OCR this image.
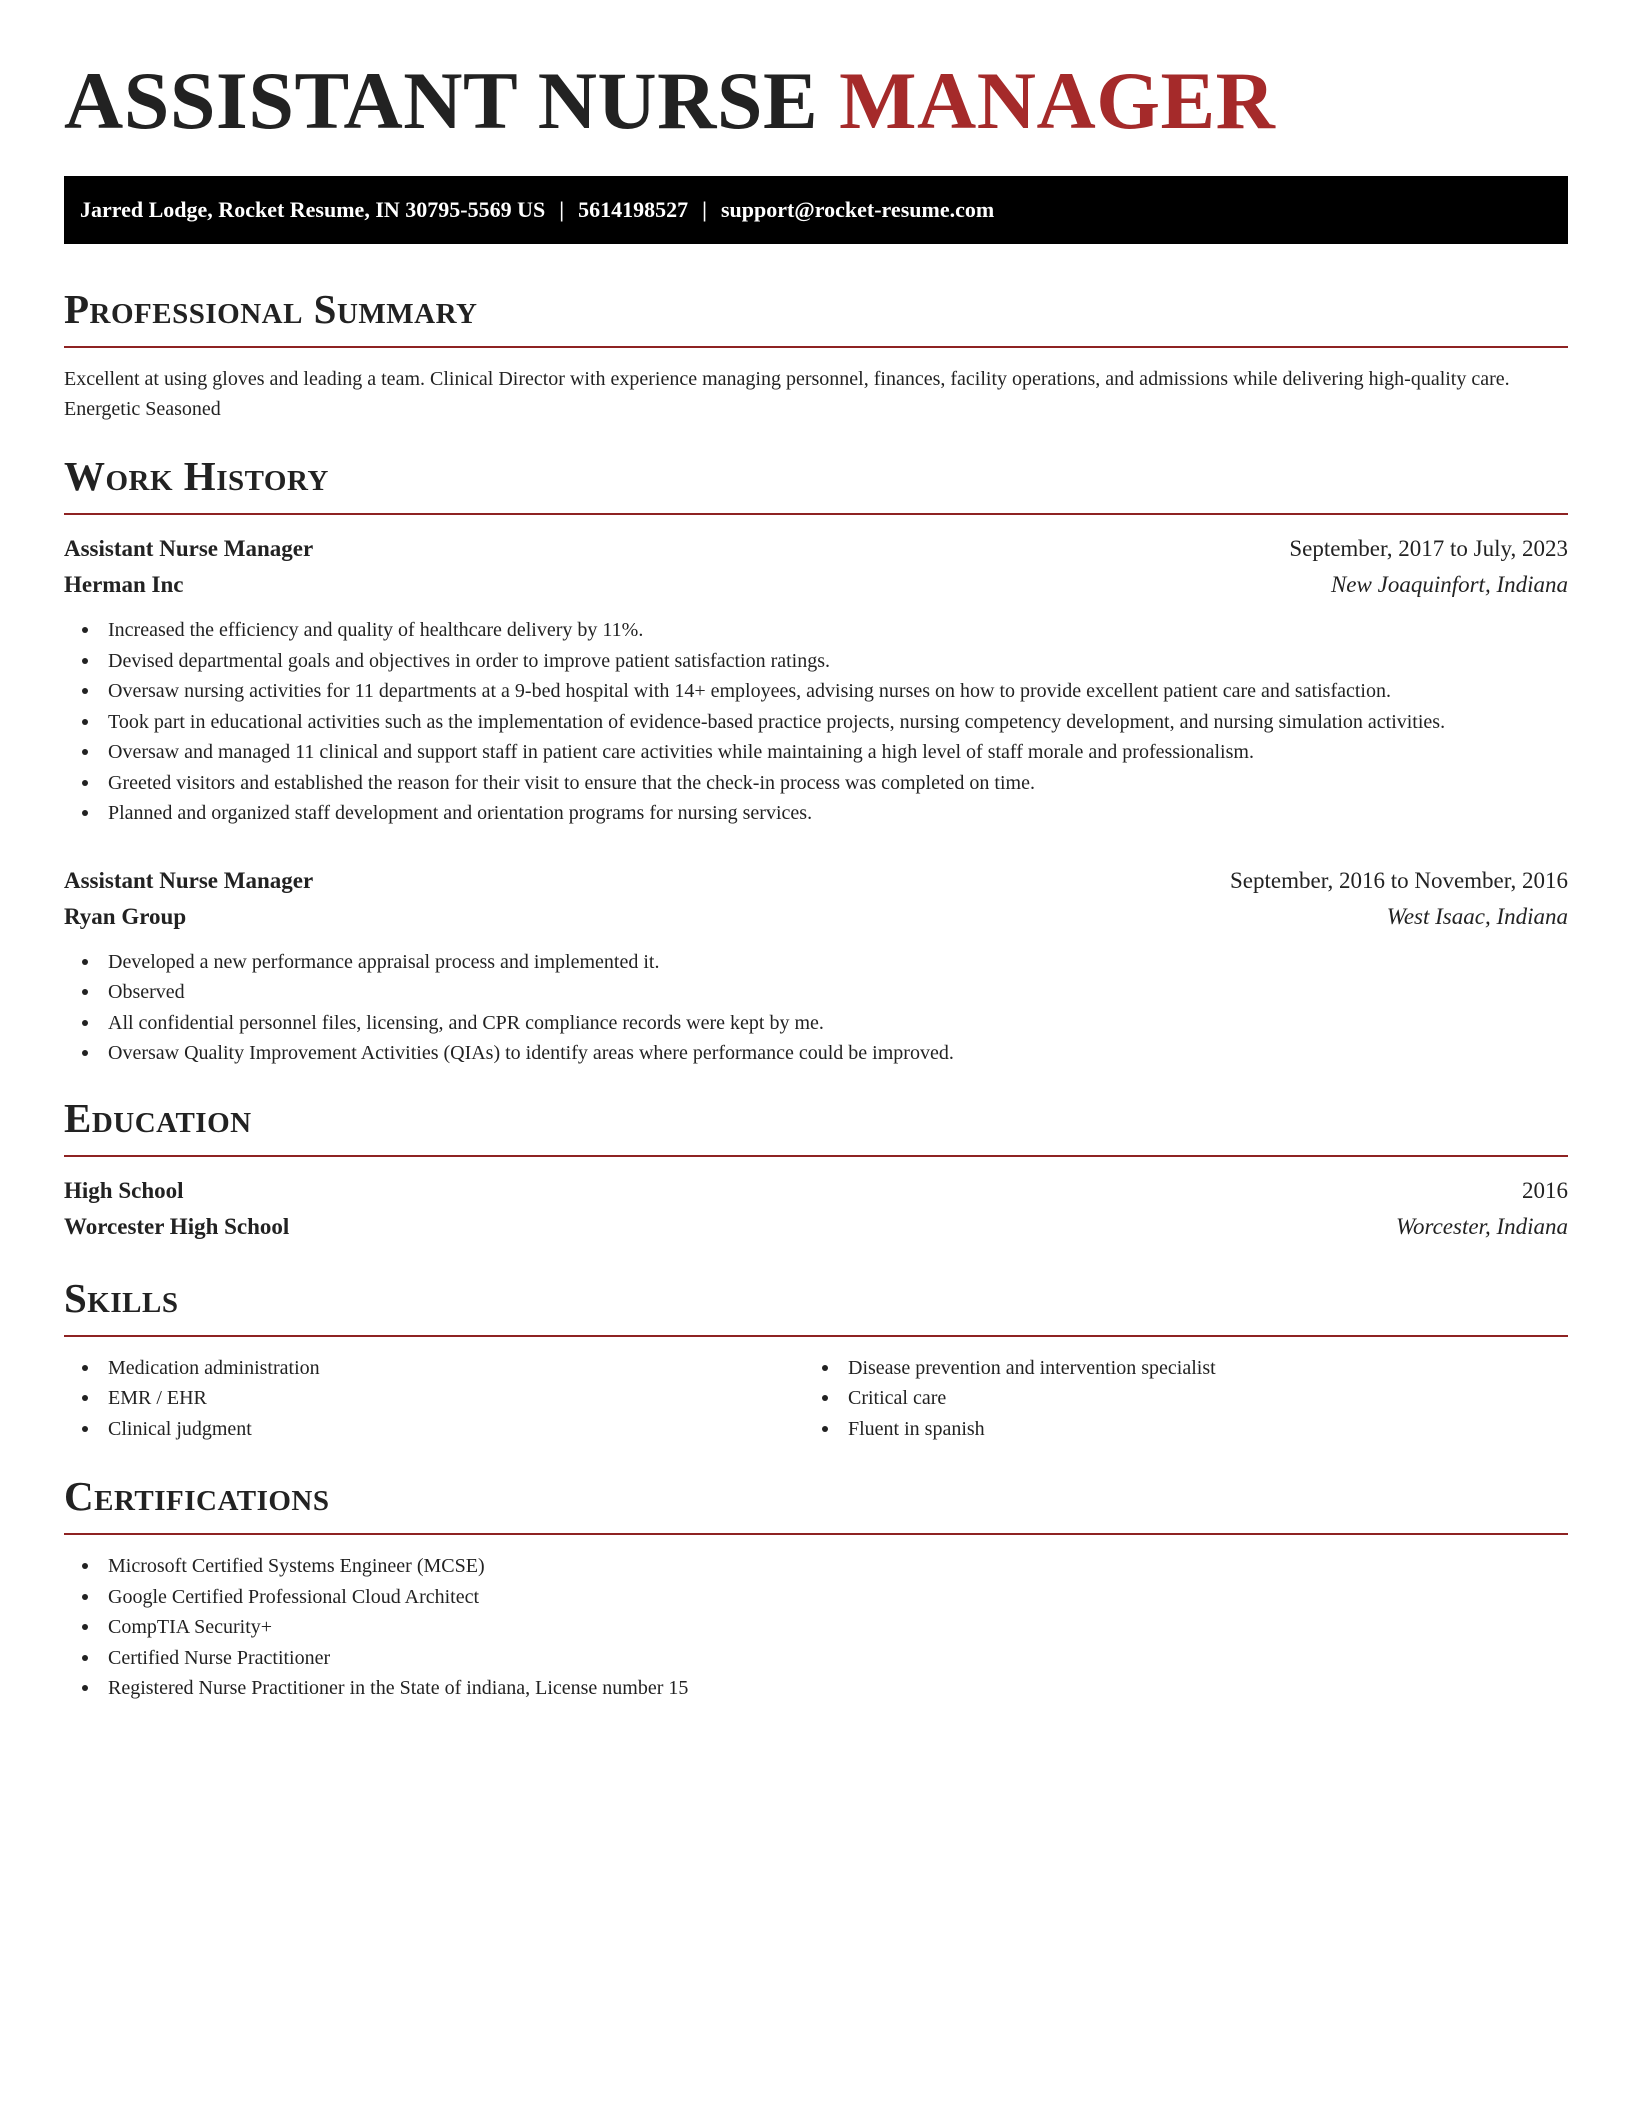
ASSISTANT NURSE MANAGER
Jarred Lodge, Rocket Resume, IN 30795-5569 US | 5614198527 | support@rocket-resume.com
Professional Summary

Excellent at using gloves and leading a team. Clinical Director with experience managing personnel, finances, facility operations, and admissions while delivering high-quality care. Energetic Seasoned

Work History
Assistant Nurse Manager	September, 2017 to July, 2023
Herman Inc	New Joaquinfort, Indiana
Increased the efficiency and quality of healthcare delivery by 11%.
Devised departmental goals and objectives in order to improve patient satisfaction ratings.
Oversaw nursing activities for 11 departments at a 9-bed hospital with 14+ employees, advising nurses on how to provide excellent patient care and satisfaction.
Took part in educational activities such as the implementation of evidence-based practice projects, nursing competency development, and nursing simulation activities.
Oversaw and managed 11 clinical and support staff in patient care activities while maintaining a high level of staff morale and professionalism.
Greeted visitors and established the reason for their visit to ensure that the check-in process was completed on time.
Planned and organized staff development and orientation programs for nursing services.
Assistant Nurse Manager	September, 2016 to November, 2016
Ryan Group	West Isaac, Indiana
Developed a new performance appraisal process and implemented it.
Observed
All confidential personnel files, licensing, and CPR compliance records were kept by me.
Oversaw Quality Improvement Activities (QIAs) to identify areas where performance could be improved.
Education
High School	2016
Worcester High School	Worcester, Indiana
Skills
Medication administration
EMR / EHR
Clinical judgment
Disease prevention and intervention specialist
Critical care
Fluent in spanish
Certifications
Microsoft Certified Systems Engineer (MCSE)
Google Certified Professional Cloud Architect
CompTIA Security+
Certified Nurse Practitioner
Registered Nurse Practitioner in the State of indiana, License number 15
